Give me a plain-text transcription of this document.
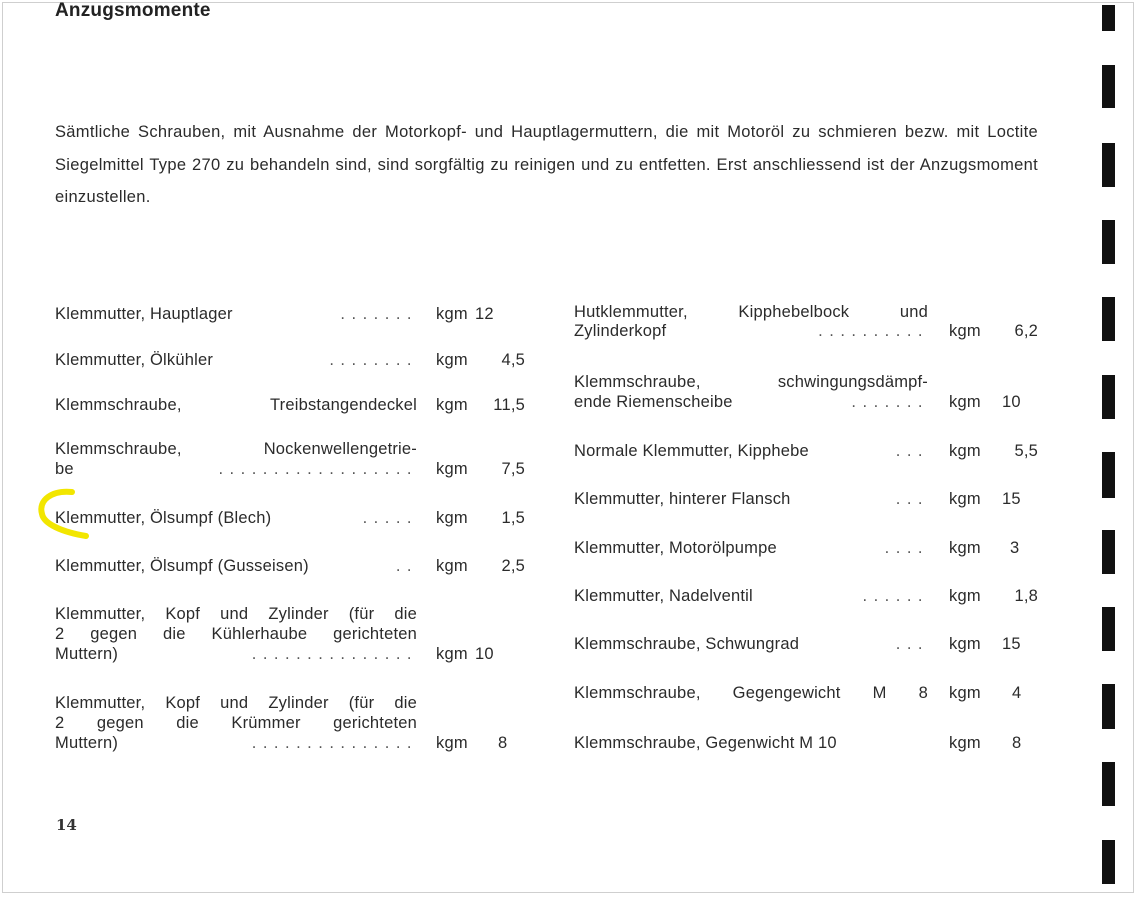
Anzugsmomente
Sämtliche Schrauben, mit Ausnahme der Motorkopf- und Hauptlagermuttern, die mit Motoröl zu schmieren bezw. mit Loctite Siegelmittel Type 270 zu behandeln sind, sind sorgfältig zu reinigen und zu entfetten. Erst anschliessend ist der Anzugsmoment einzustellen.
Klemmutter, Hauptlager	....... kgm 12
Klemmutter, Ölkühler	........ kgm	4,5
Klemmschraube, Treibstangendeckel kgm	11,5
Klemmschraube, Nockenwellengetrie-
be	.................. kgm	7,5
Klemmutter, Ölsumpf (Blech)	..... kgm	1,5
Klemmutter, Ölsumpf (Gusseisen)	.. kgm	2,5
Klemmutter, Kopf und Zylinder (für die
2 gegen die Kühlerhaube gerichteten
Muttern)	............... kgm 10
Klemmutter, Kopf und Zylinder (für die
2 gegen die Krümmer gerichteten
Muttern)	............... kgm 8
Hutklemmutter, Kipphebelbock und
Zylinderkopf	.......... kgm	6,2
Klemmschraube, schwingungsdämpf-
ende Riemenscheibe	....... kgm 10
Normale Klemmutter, Kipphebe	... kgm	5,5
Klemmutter, hinterer Flansch	... kgm 15
Klemmutter, Motorölpumpe	.... kgm 3
Klemmutter, Nadelventil	...... kgm	1,8
Klemmschraube, Schwungrad	... kgm 15
Klemmschraube, Gegengewicht M 8 kgm 4
Klemmschraube, Gegenwicht M 10	kgm 8
14
